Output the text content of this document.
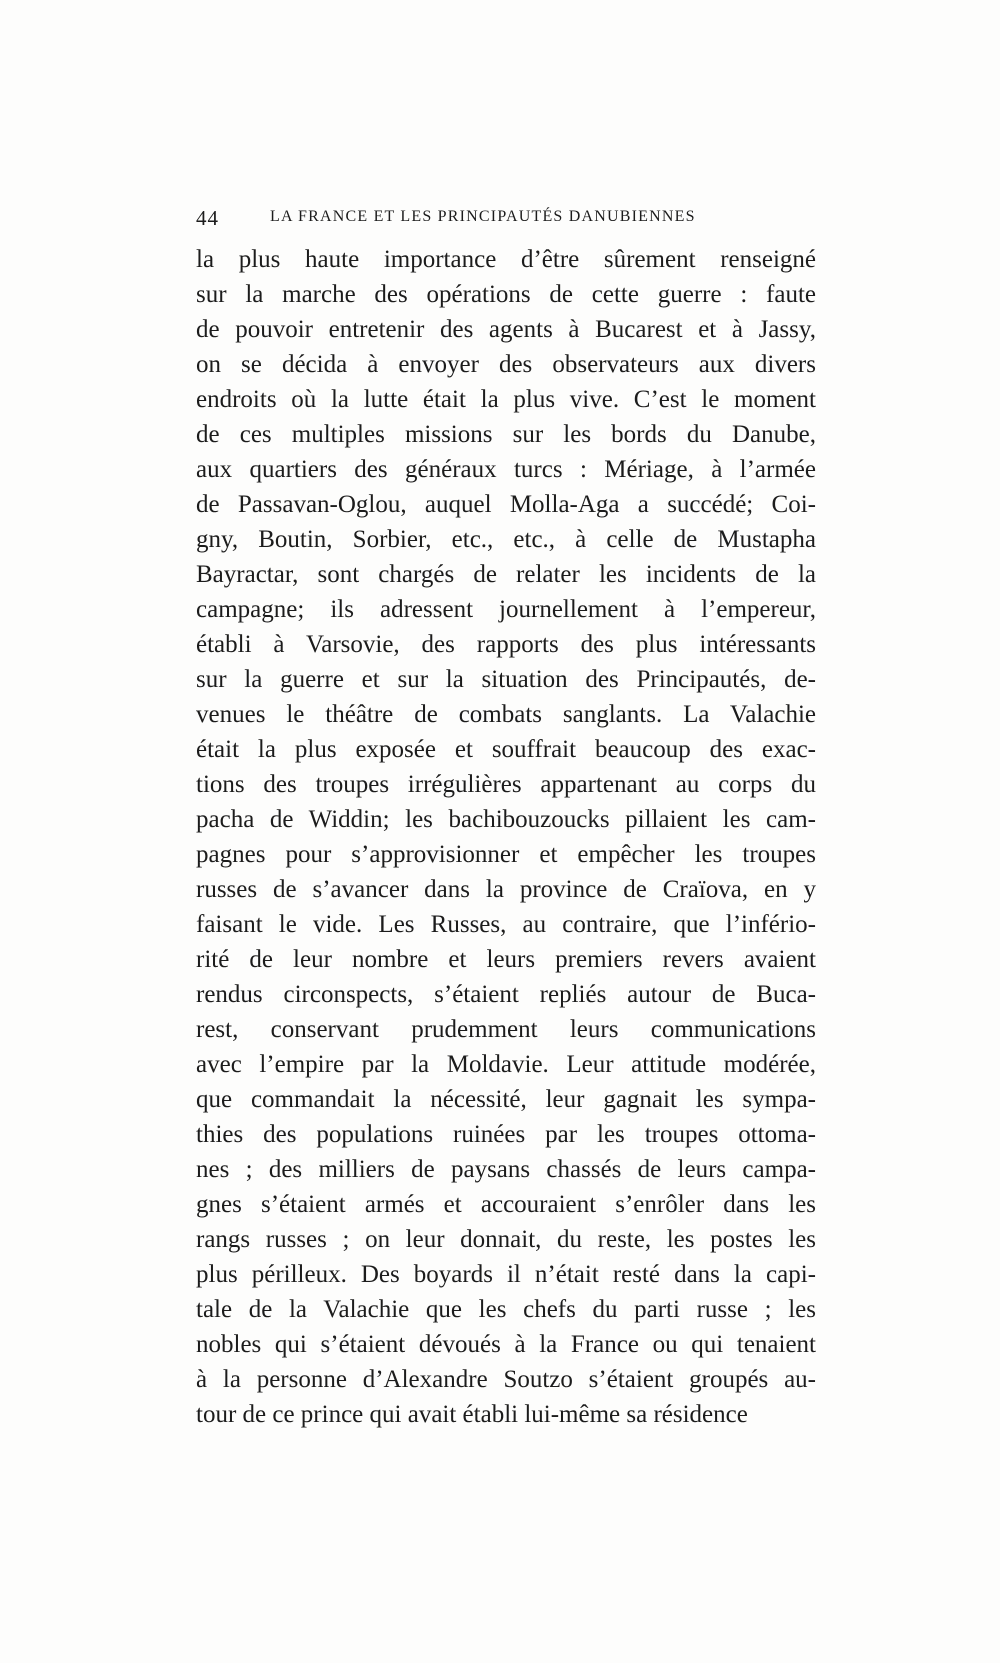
44	LA FRANCE ET LES PRINCIPAUTÉS DANUBIENNES
la plus haute importance d’être sûrement renseigné
sur la marche des opérations de cette guerre : faute
de pouvoir entretenir des agents à Bucarest et à Jassy,
on se décida à envoyer des observateurs aux divers
endroits où la lutte était la plus vive. C’est le moment
de ces multiples missions sur les bords du Danube,
aux quartiers des généraux turcs : Mériage, à l’armée
de Passavan-Oglou, auquel Molla-Aga a succédé; Coi-
gny, Boutin, Sorbier, etc., etc., à celle de Mustapha
Bayractar, sont chargés de relater les incidents de la
campagne; ils adressent journellement à l’empereur,
établi à Varsovie, des rapports des plus intéressants
sur la guerre et sur la situation des Principautés, de-
venues le théâtre de combats sanglants. La Valachie
était la plus exposée et souffrait beaucoup des exac-
tions des troupes irrégulières appartenant au corps du
pacha de Widdin; les bachibouzoucks pillaient les cam-
pagnes pour s’approvisionner et empêcher les troupes
russes de s’avancer dans la province de Craïova, en y
faisant le vide. Les Russes, au contraire, que l’infério-
rité de leur nombre et leurs premiers revers avaient
rendus circonspects, s’étaient repliés autour de Buca-
rest, conservant prudemment leurs communications
avec l’empire par la Moldavie. Leur attitude modérée,
que commandait la nécessité, leur gagnait les sympa-
thies des populations ruinées par les troupes ottoma-
nes ; des milliers de paysans chassés de leurs campa-
gnes s’étaient armés et accouraient s’enrôler dans les
rangs russes ; on leur donnait, du reste, les postes les
plus périlleux. Des boyards il n’était resté dans la capi-
tale de la Valachie que les chefs du parti russe ; les
nobles qui s’étaient dévoués à la France ou qui tenaient
à la personne d’Alexandre Soutzo s’étaient groupés au-
tour de ce prince qui avait établi lui-même sa résidence
